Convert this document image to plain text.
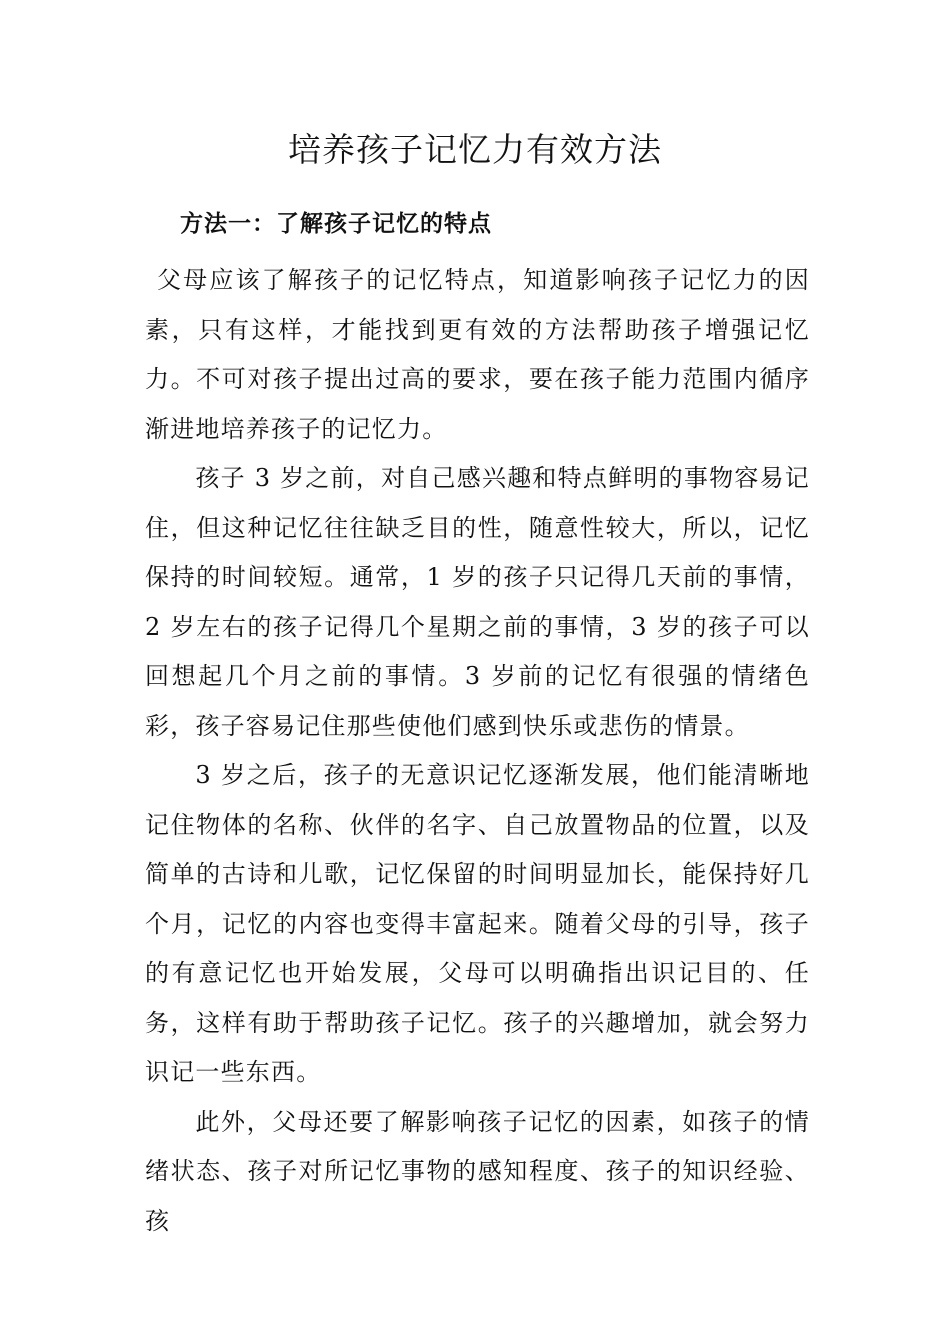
培养孩子记忆力有效方法
方法一：了解孩子记忆的特点

父母应该了解孩子的记忆特点，知道影响孩子记忆力的因素，只有这样，才能找到更有效的方法帮助孩子增强记忆力。不可对孩子提出过高的要求，要在孩子能力范围内循序渐进地培养孩子的记忆力。

孩子 3 岁之前，对自己感兴趣和特点鲜明的事物容易记住，但这种记忆往往缺乏目的性，随意性较大，所以，记忆保持的时间较短。通常，1 岁的孩子只记得几天前的事情，2 岁左右的孩子记得几个星期之前的事情，3 岁的孩子可以回想起几个月之前的事情。3 岁前的记忆有很强的情绪色彩，孩子容易记住那些使他们感到快乐或悲伤的情景。

3 岁之后，孩子的无意识记忆逐渐发展，他们能清晰地记住物体的名称、伙伴的名字、自己放置物品的位置，以及简单的古诗和儿歌，记忆保留的时间明显加长，能保持好几个月，记忆的内容也变得丰富起来。随着父母的引导，孩子的有意记忆也开始发展，父母可以明确指出识记目的、任务，这样有助于帮助孩子记忆。孩子的兴趣增加，就会努力识记一些东西。

此外，父母还要了解影响孩子记忆的因素，如孩子的情绪状态、孩子对所记忆事物的感知程度、孩子的知识经验、孩
